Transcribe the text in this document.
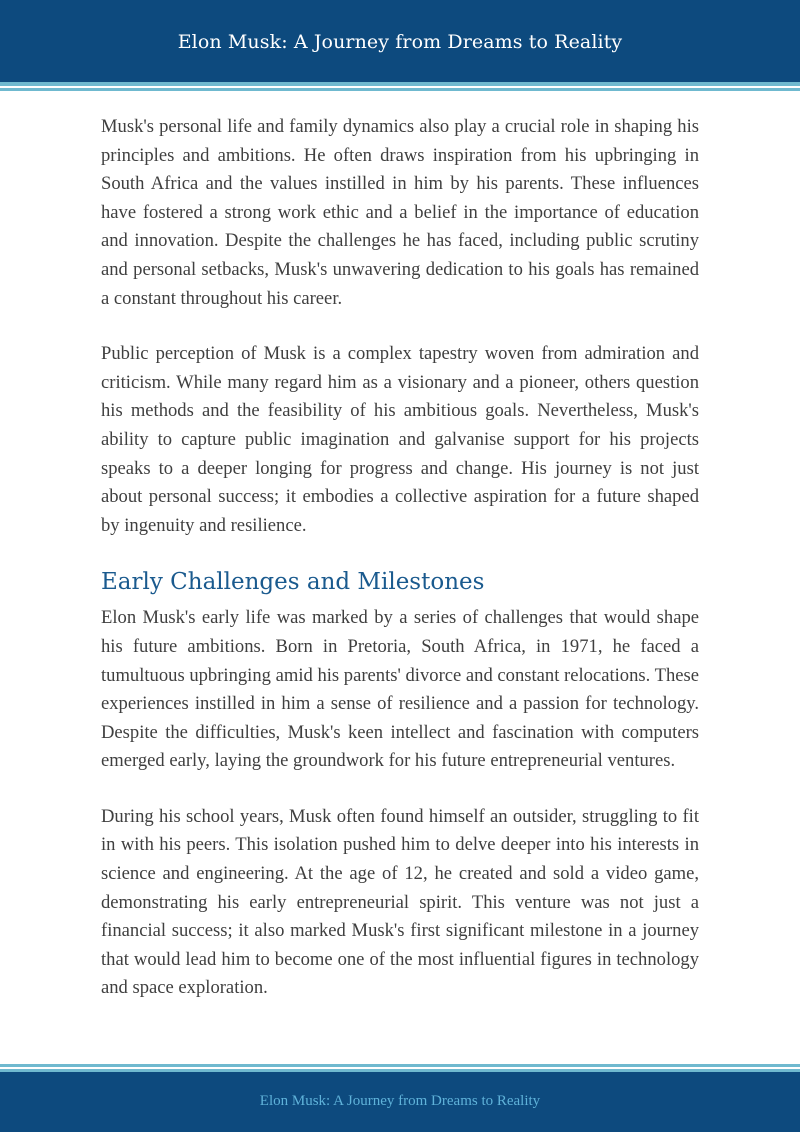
Elon Musk: A Journey from Dreams to Reality

Musk's personal life and family dynamics also play a crucial role in shaping his principles and ambitions. He often draws inspiration from his upbringing in South Africa and the values instilled in him by his parents. These influences have fostered a strong work ethic and a belief in the importance of education and innovation. Despite the challenges he has faced, including public scrutiny and personal setbacks, Musk's unwavering dedication to his goals has remained a constant throughout his career.

Public perception of Musk is a complex tapestry woven from admiration and criticism. While many regard him as a visionary and a pioneer, others question his methods and the feasibility of his ambitious goals. Nevertheless, Musk's ability to capture public imagination and galvanise support for his projects speaks to a deeper longing for progress and change. His journey is not just about personal success; it embodies a collective aspiration for a future shaped by ingenuity and resilience.

Early Challenges and Milestones

Elon Musk's early life was marked by a series of challenges that would shape his future ambitions. Born in Pretoria, South Africa, in 1971, he faced a tumultuous upbringing amid his parents' divorce and constant relocations. These experiences instilled in him a sense of resilience and a passion for technology. Despite the difficulties, Musk's keen intellect and fascination with computers emerged early, laying the groundwork for his future entrepreneurial ventures.

During his school years, Musk often found himself an outsider, struggling to fit in with his peers. This isolation pushed him to delve deeper into his interests in science and engineering. At the age of 12, he created and sold a video game, demonstrating his early entrepreneurial spirit. This venture was not just a financial success; it also marked Musk's first significant milestone in a journey that would lead him to become one of the most influential figures in technology and space exploration.

Elon Musk: A Journey from Dreams to Reality
